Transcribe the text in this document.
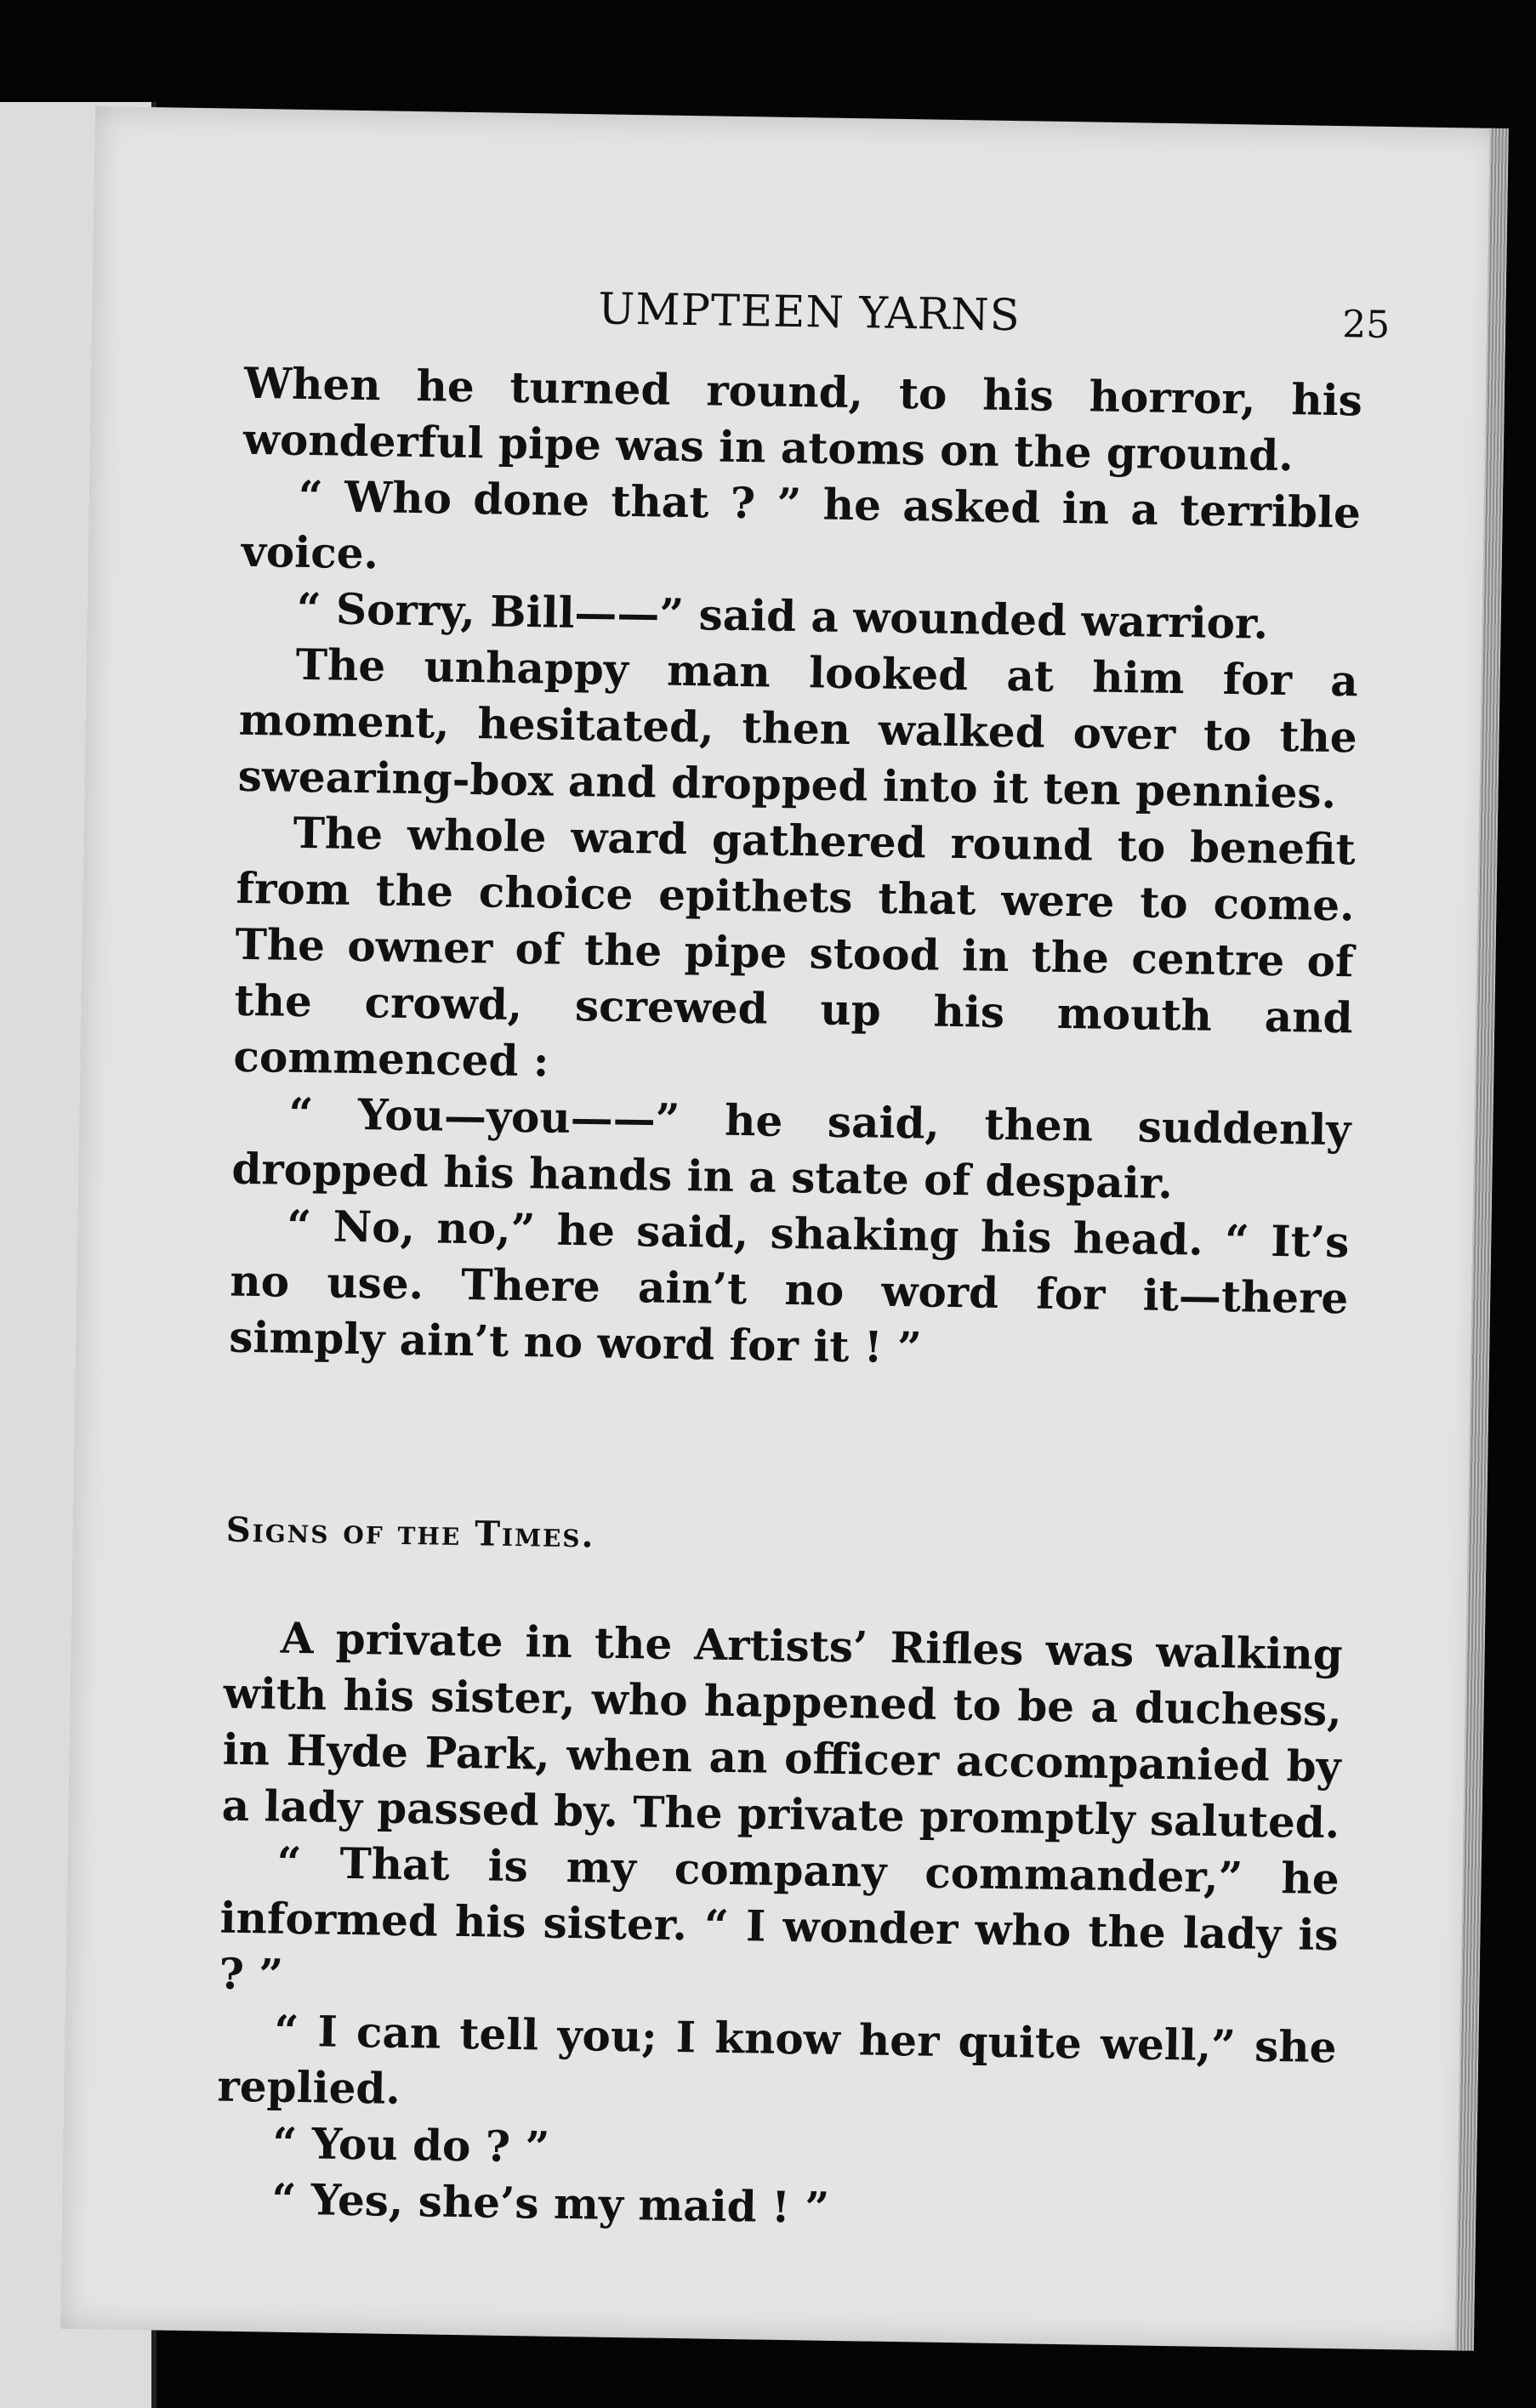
UMPTEEN YARNS	25

When he turned round, to his horror, his wonderful pipe was in atoms on the ground.

“ Who done that ? ” he asked in a terrible voice.

“ Sorry, Bill——” said a wounded warrior.

The unhappy man looked at him for a moment, hesitated, then walked over to the swearing-box and dropped into it ten pennies.

The whole ward gathered round to benefit from the choice epithets that were to come. The owner of the pipe stood in the centre of the crowd, screwed up his mouth and commenced :

“ You—you——” he said, then suddenly dropped his hands in a state of despair.

“ No, no,” he said, shaking his head. “ It’s no use. There ain’t no word for it—there simply ain’t no word for it ! ”

Signs of the Times.

A private in the Artists’ Rifles was walking with his sister, who happened to be a duchess, in Hyde Park, when an officer accompanied by a lady passed by. The private promptly saluted.

“ That is my company commander,” he informed his sister. “ I wonder who the lady is ? ”

“ I can tell you; I know her quite well,” she replied.

“ You do ? ”

“ Yes, she’s my maid ! ”
